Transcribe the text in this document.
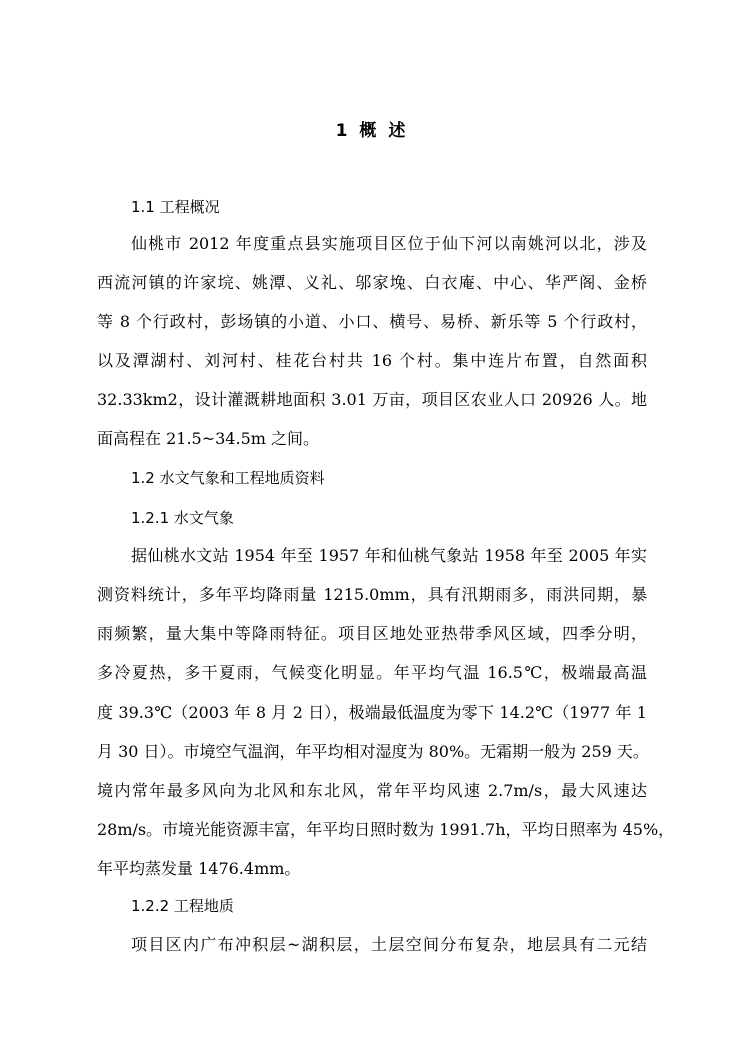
1 概 述
1.1 工程概况
仙桃市 2012 年度重点县实施项目区位于仙下河以南姚河以北，涉及
西流河镇的许家垸、姚潭、义礼、邬家堍、白衣庵、中心、华严阁、金桥
等 8 个行政村，彭场镇的小道、小口、横号、易桥、新乐等 5 个行政村，
以及潭湖村、刘河村、桂花台村共 16 个村。集中连片布置，自然面积
32.33km2，设计灌溉耕地面积 3.01 万亩，项目区农业人口 20926 人。地
面高程在 21.5~34.5m 之间。
1.2 水文气象和工程地质资料
1.2.1 水文气象
据仙桃水文站 1954 年至 1957 年和仙桃气象站 1958 年至 2005 年实
测资料统计，多年平均降雨量 1215.0mm，具有汛期雨多，雨洪同期，暴
雨频繁，量大集中等降雨特征。项目区地处亚热带季风区域，四季分明，
多冷夏热，多干夏雨，气候变化明显。年平均气温 16.5℃，极端最高温
度 39.3℃（2003 年 8 月 2 日），极端最低温度为零下 14.2℃（1977 年 1
月 30 日）。市境空气温润，年平均相对湿度为 80%。无霜期一般为 259 天。
境内常年最多风向为北风和东北风，常年平均风速 2.7m/s，最大风速达
28m/s。市境光能资源丰富，年平均日照时数为 1991.7h，平均日照率为 45%，
年平均蒸发量 1476.4mm。
1.2.2 工程地质
项目区内广布冲积层~湖积层，土层空间分布复杂，地层具有二元结
